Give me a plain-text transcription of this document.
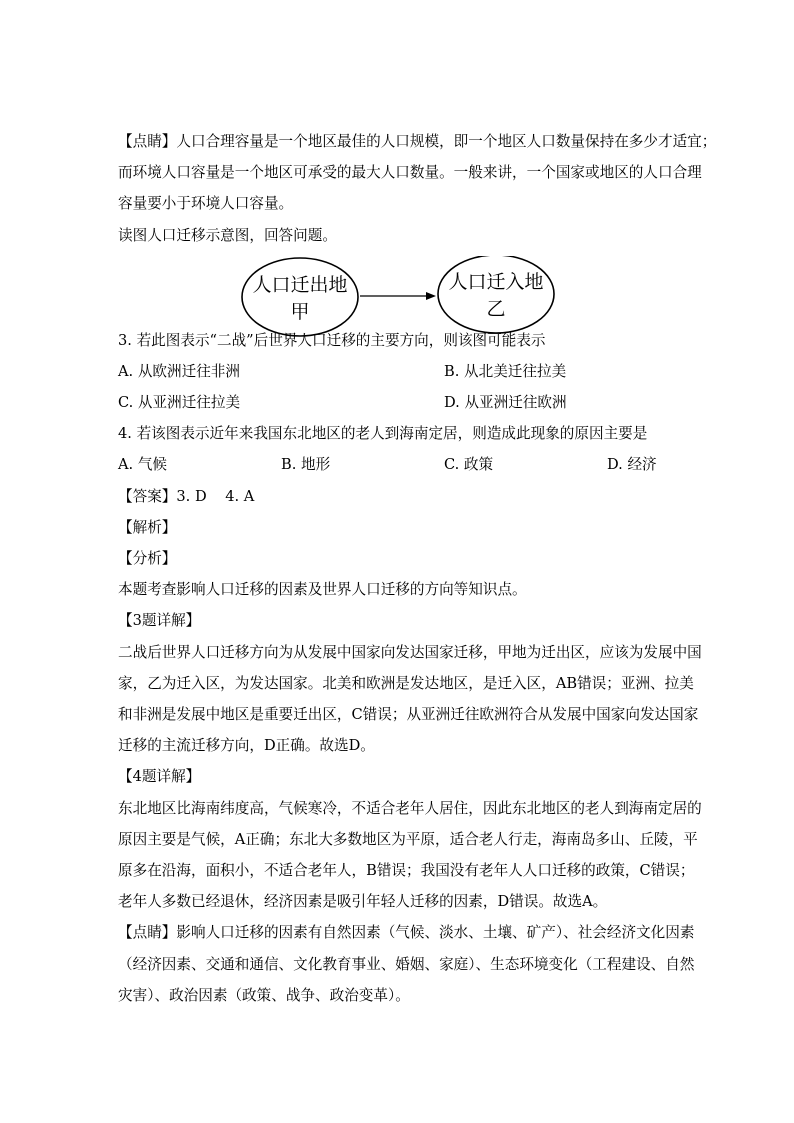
【点睛】人口合理容量是一个地区最佳的人口规模，即一个地区人口数量保持在多少才适宜；
而环境人口容量是一个地区可承受的最大人口数量。一般来讲，一个国家或地区的人口合理
容量要小于环境人口容量。
读图人口迁移示意图，回答问题。
人口迁出地
甲
人口迁入地
乙
3. 若此图表示“二战”后世界人口迁移的主要方向，则该图可能表示
A. 从欧洲迁往非洲	B. 从北美迁往拉美
C. 从亚洲迁往拉美	D. 从亚洲迁往欧洲
4. 若该图表示近年来我国东北地区的老人到海南定居，则造成此现象的原因主要是
A. 气候	B. 地形	C. 政策	D. 经济
【答案】3. D    4. A
【解析】
【分析】
本题考查影响人口迁移的因素及世界人口迁移的方向等知识点。
【3题详解】
二战后世界人口迁移方向为从发展中国家向发达国家迁移，甲地为迁出区，应该为发展中国
家，乙为迁入区，为发达国家。北美和欧洲是发达地区，是迁入区，AB错误；亚洲、拉美
和非洲是发展中地区是重要迁出区，C错误；从亚洲迁往欧洲符合从发展中国家向发达国家
迁移的主流迁移方向，D正确。故选D。
【4题详解】
东北地区比海南纬度高，气候寒冷，不适合老年人居住，因此东北地区的老人到海南定居的
原因主要是气候，A正确；东北大多数地区为平原，适合老人行走，海南岛多山、丘陵，平
原多在沿海，面积小，不适合老年人，B错误；我国没有老年人人口迁移的政策，C错误；
老年人多数已经退休，经济因素是吸引年轻人迁移的因素，D错误。故选A。
【点睛】影响人口迁移的因素有自然因素（气候、淡水、土壤、矿产）、社会经济文化因素
（经济因素、交通和通信、文化教育事业、婚姻、家庭）、生态环境变化（工程建设、自然
灾害）、政治因素（政策、战争、政治变革）。
